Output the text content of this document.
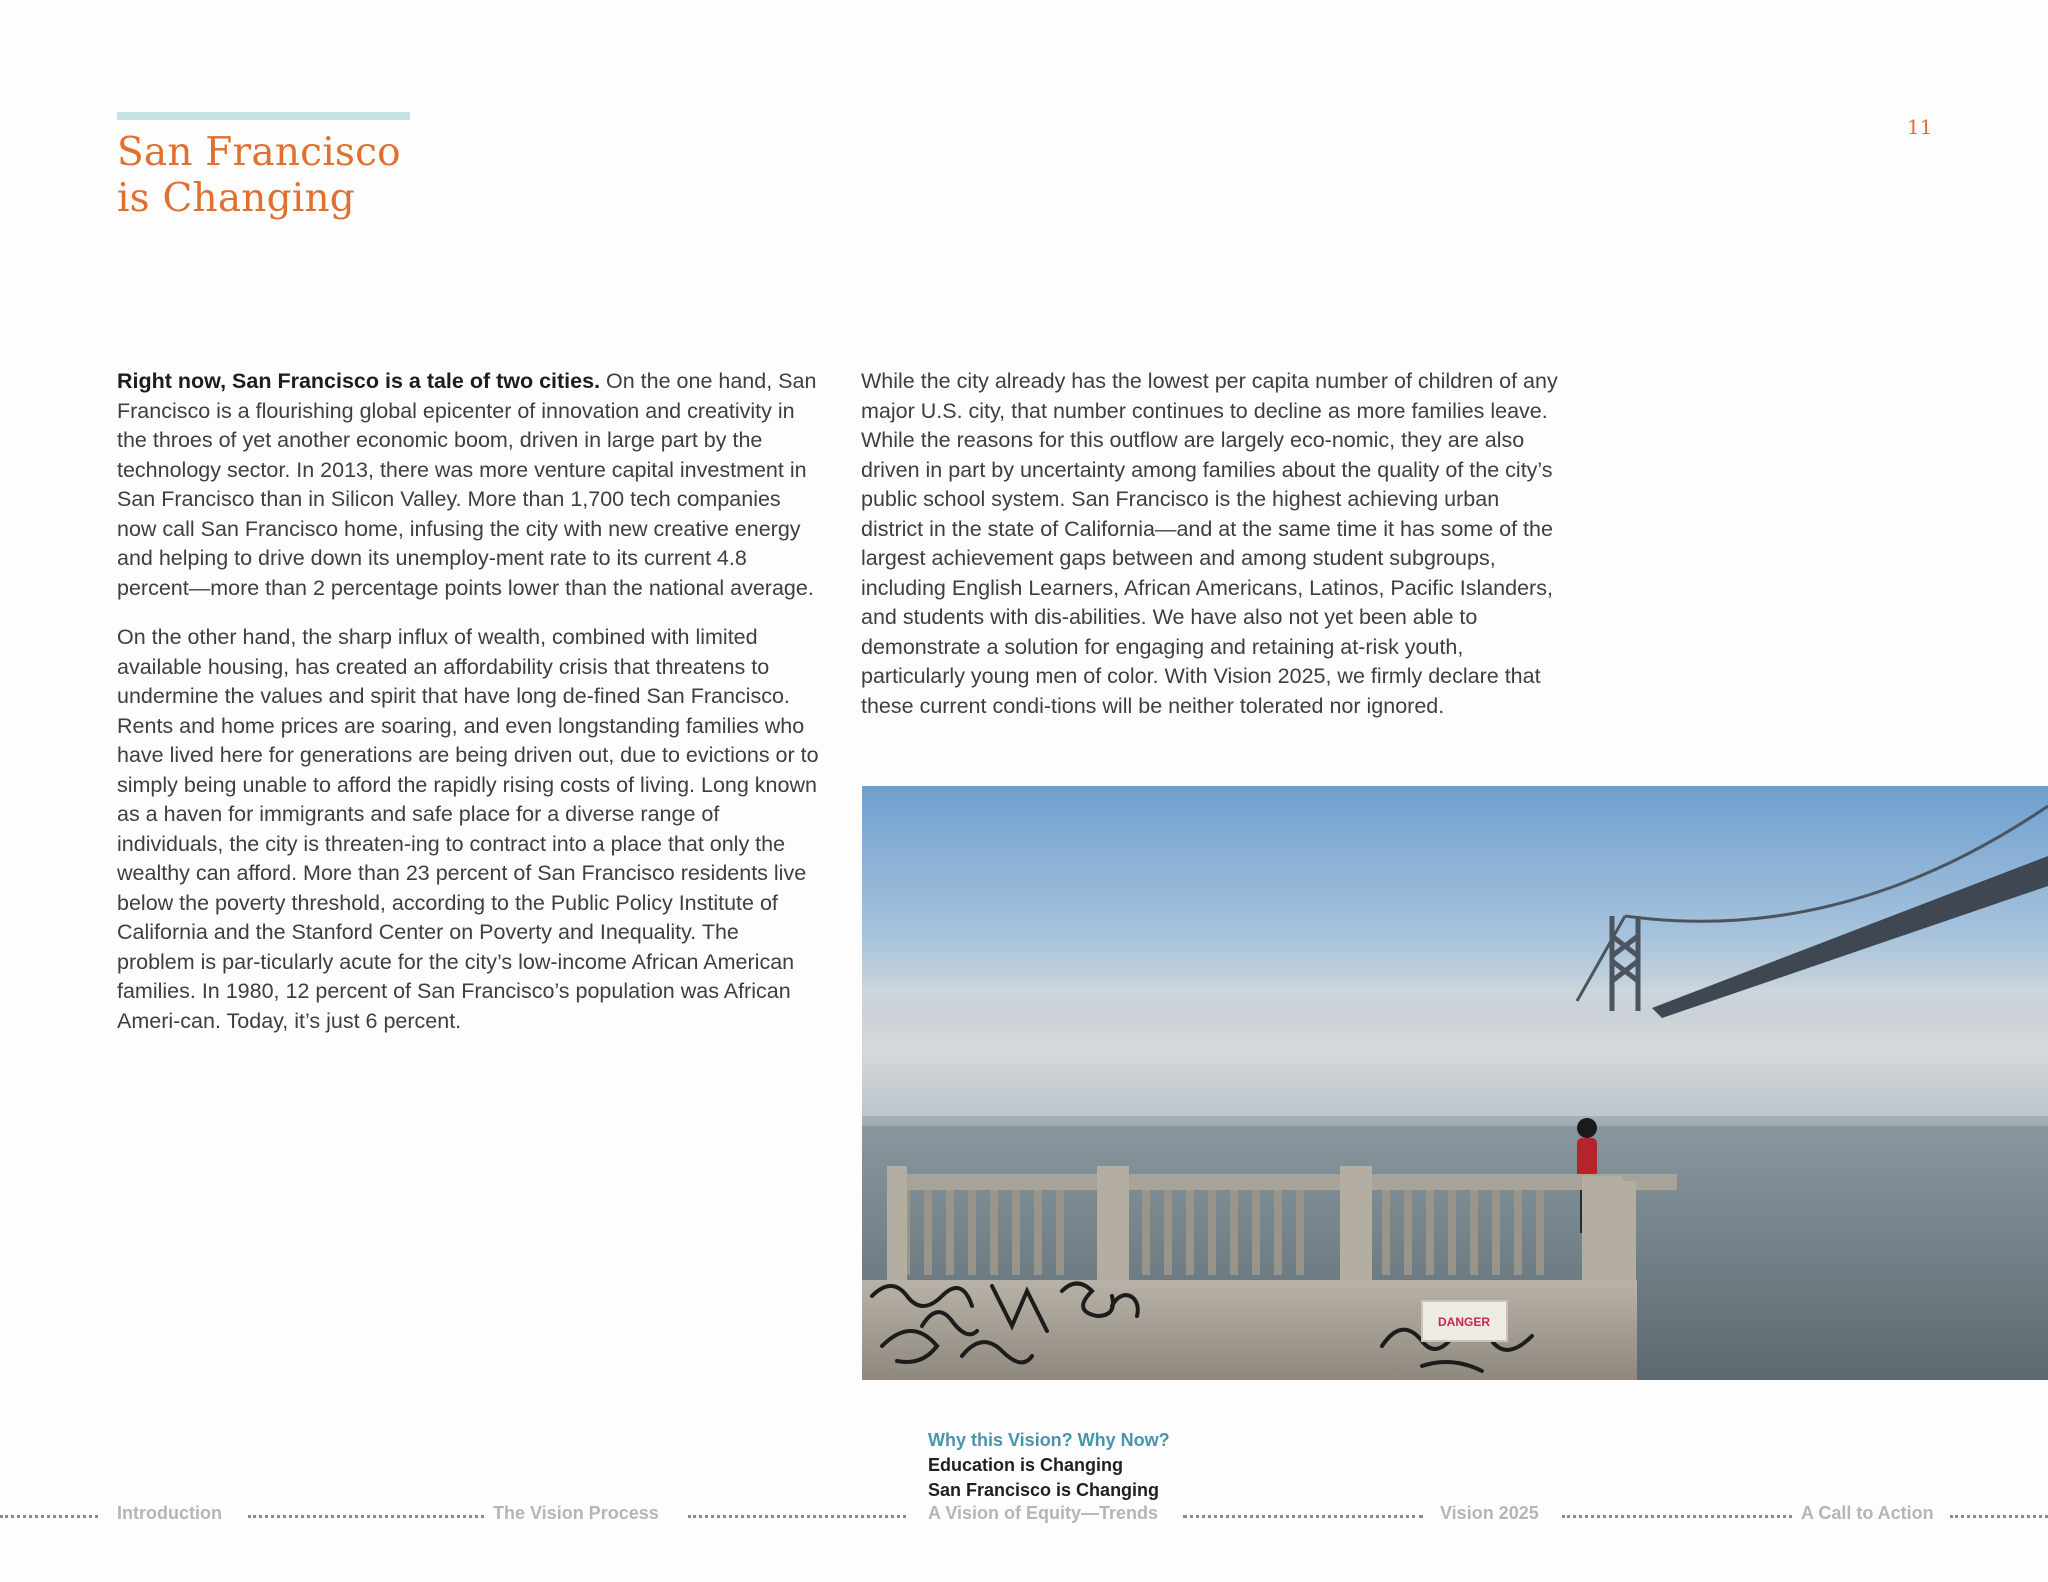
San Francisco
is Changing
11

Right now, San Francisco is a tale of two cities. On the one hand, San Francisco is a flourishing global epicenter of innovation and creativity in the throes of yet another economic boom, driven in large part by the technology sector. In 2013, there was more venture capital investment in San Francisco than in Silicon Valley. More than 1,700 tech companies now call San Francisco home, infusing the city with new creative energy and helping to drive down its unemploy-ment rate to its current 4.8 percent—more than 2 percentage points lower than the national average.

On the other hand, the sharp influx of wealth, combined with limited available housing, has created an affordability crisis that threatens to undermine the values and spirit that have long de-fined San Francisco. Rents and home prices are soaring, and even longstanding families who have lived here for generations are being driven out, due to evictions or to simply being unable to afford the rapidly rising costs of living. Long known as a haven for immigrants and safe place for a diverse range of individuals, the city is threaten-ing to contract into a place that only the wealthy can afford. More than 23 percent of San Francisco residents live below the poverty threshold, according to the Public Policy Institute of California and the Stanford Center on Poverty and Inequality. The problem is par-ticularly acute for the city’s low-income African American families. In 1980, 12 percent of San Francisco’s population was African Ameri-can. Today, it’s just 6 percent.

While the city already has the lowest per capita number of children of any major U.S. city, that number continues to decline as more families leave. While the reasons for this outflow are largely eco-nomic, they are also driven in part by uncertainty among families about the quality of the city’s public school system. San Francisco is the highest achieving urban district in the state of California—and at the same time it has some of the largest achievement gaps between and among student subgroups, including English Learners, African Americans, Latinos, Pacific Islanders, and students with dis-abilities. We have also not yet been able to demonstrate a solution for engaging and retaining at-risk youth, particularly young men of color. With Vision 2025, we firmly declare that these current condi-tions will be neither tolerated nor ignored.

DANGER
Why this Vision? Why Now?
Education is Changing
San Francisco is Changing
Introduction	The Vision Process	A Vision of Equity—Trends	Vision 2025	A Call to Action
